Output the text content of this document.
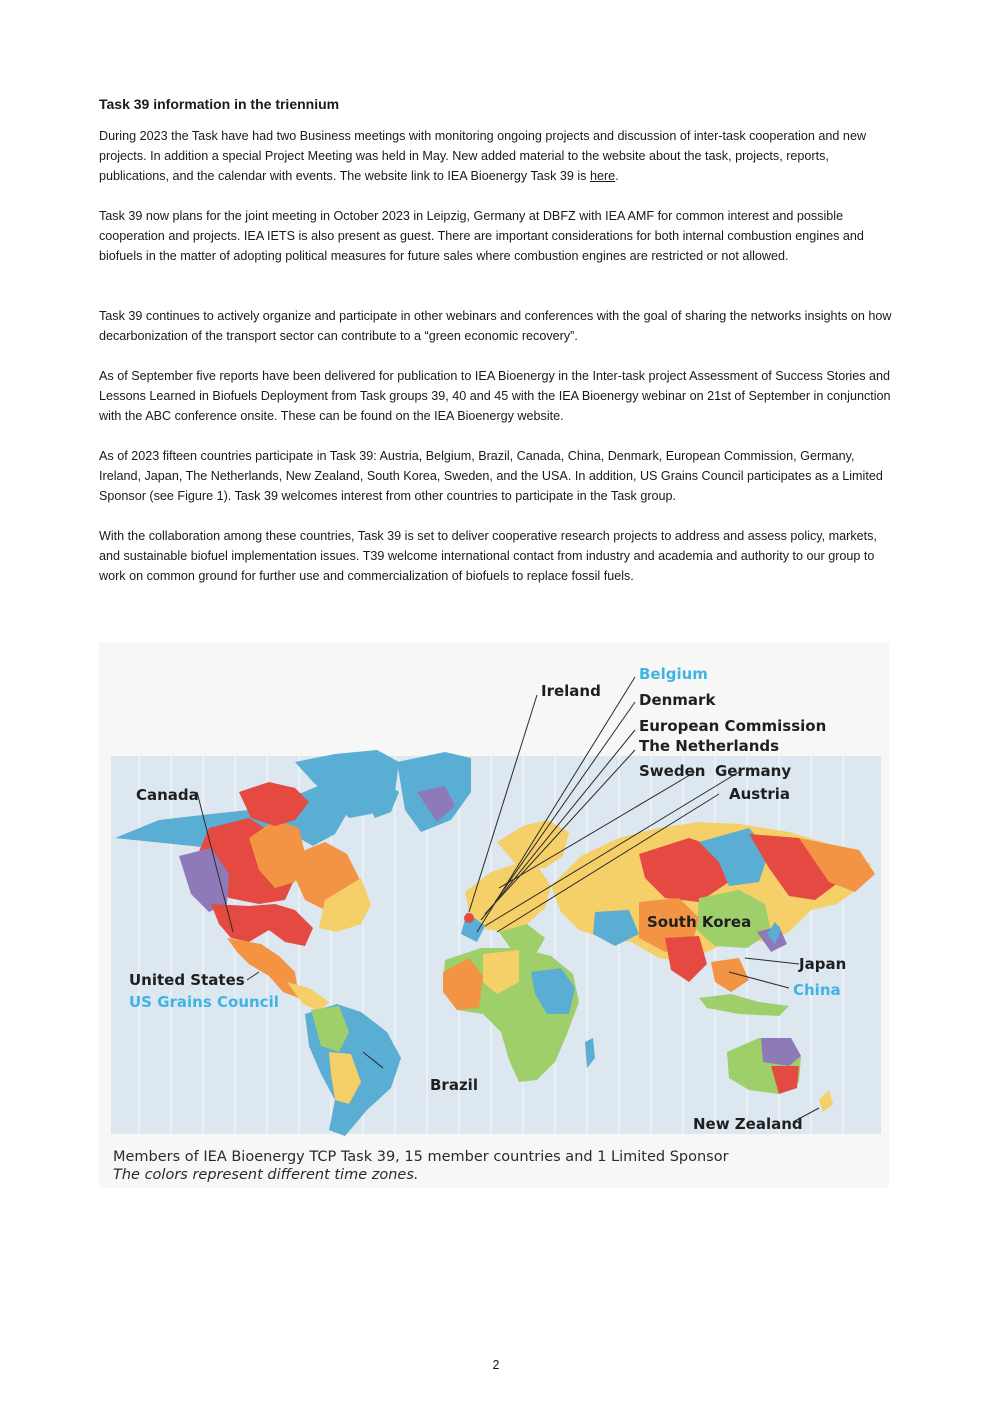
Task 39 information in the triennium

During 2023 the Task have had two Business meetings with monitoring ongoing projects and discussion of inter-task cooperation and new projects. In addition a special Project Meeting was held in May. New added material to the website about the task, projects, reports, publications, and the calendar with events. The website link to IEA Bioenergy Task 39 is here.

Task 39 now plans for the joint meeting in October 2023 in Leipzig, Germany at DBFZ with IEA AMF for common interest and possible cooperation and projects. IEA IETS is also present as guest. There are important considerations for both internal combustion engines and biofuels in the matter of adopting political measures for future sales where combustion engines are restricted or not allowed.

Task 39 continues to actively organize and participate in other webinars and conferences with the goal of sharing the networks insights on how decarbonization of the transport sector can contribute to a “green economic recovery”.

As of September five reports have been delivered for publication to IEA Bioenergy in the Inter-task project Assessment of Success Stories and Lessons Learned in Biofuels Deployment from Task groups 39, 40 and 45 with the IEA Bioenergy webinar on 21st of September in conjunction with the ABC conference onsite. These can be found on the IEA Bioenergy website.

As of 2023 fifteen countries participate in Task 39: Austria, Belgium, Brazil, Canada, China, Denmark, European Commission, Germany, Ireland, Japan, The Netherlands, New Zealand, South Korea, Sweden, and the USA. In addition, US Grains Council participates as a Limited Sponsor (see Figure 1). Task 39 welcomes interest from other countries to participate in the Task group.

With the collaboration among these countries, Task 39 is set to deliver cooperative research projects to address and assess policy, markets, and sustainable biofuel implementation issues. T39 welcome international contact from industry and academia and authority to our group to work on common ground for further use and commercialization of biofuels to replace fossil fuels.

Belgium
Ireland	Denmark
European Commission
The Netherlands
Sweden Germany
Austria
Canada
South Korea
Japan
China
United States
US Grains Council
Brazil
New Zealand
Members of IEA Bioenergy TCP Task 39, 15 member countries and 1 Limited Sponsor
The colors represent different time zones.
2
